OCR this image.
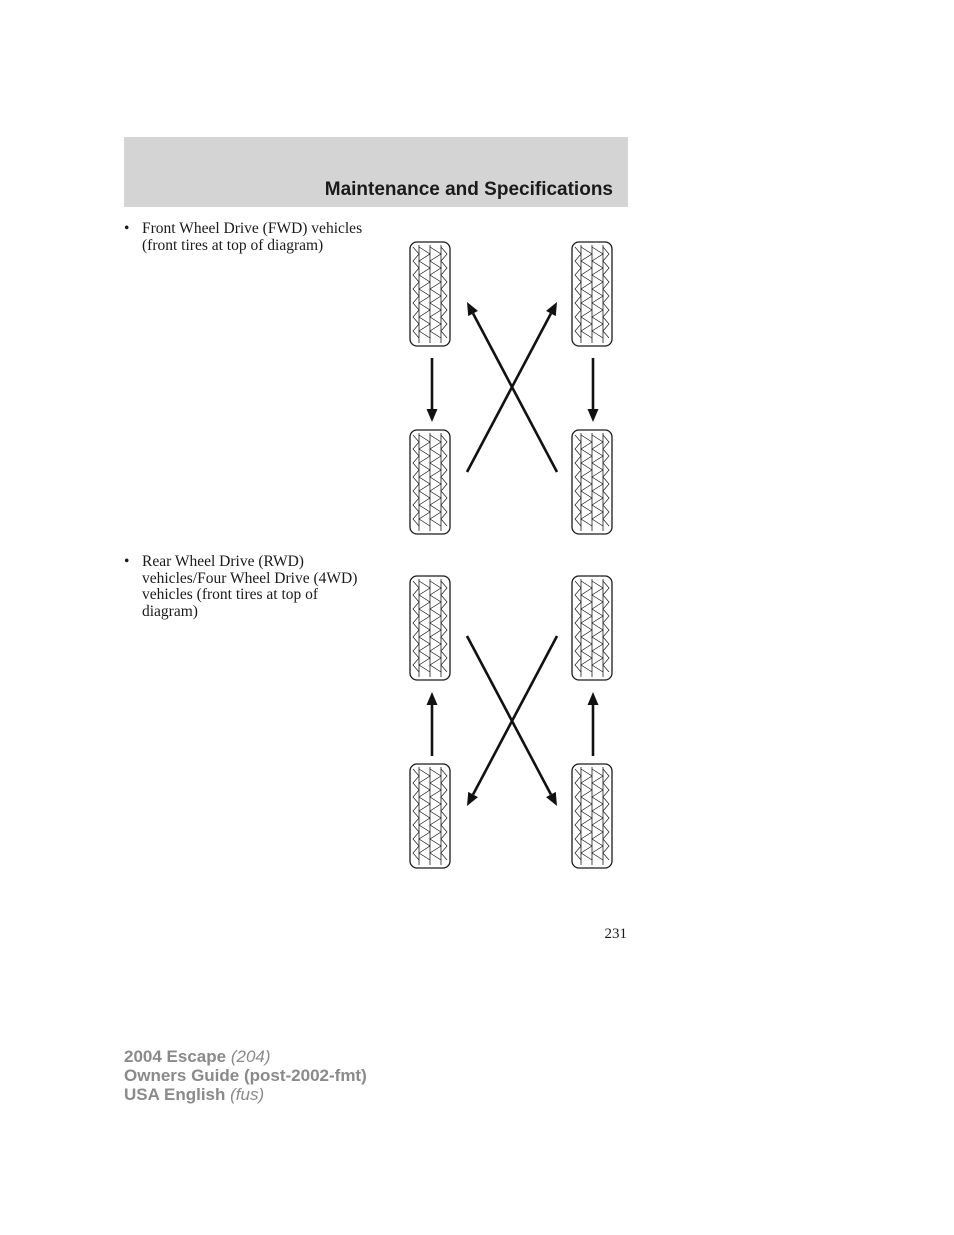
Maintenance and Specifications
• Front Wheel Drive (FWD) vehicles (front tires at top of diagram)
• Rear Wheel Drive (RWD) vehicles/Four Wheel Drive (4WD) vehicles (front tires at top of diagram)
231
2004 Escape (204)
Owners Guide (post-2002-fmt)
USA English (fus)
